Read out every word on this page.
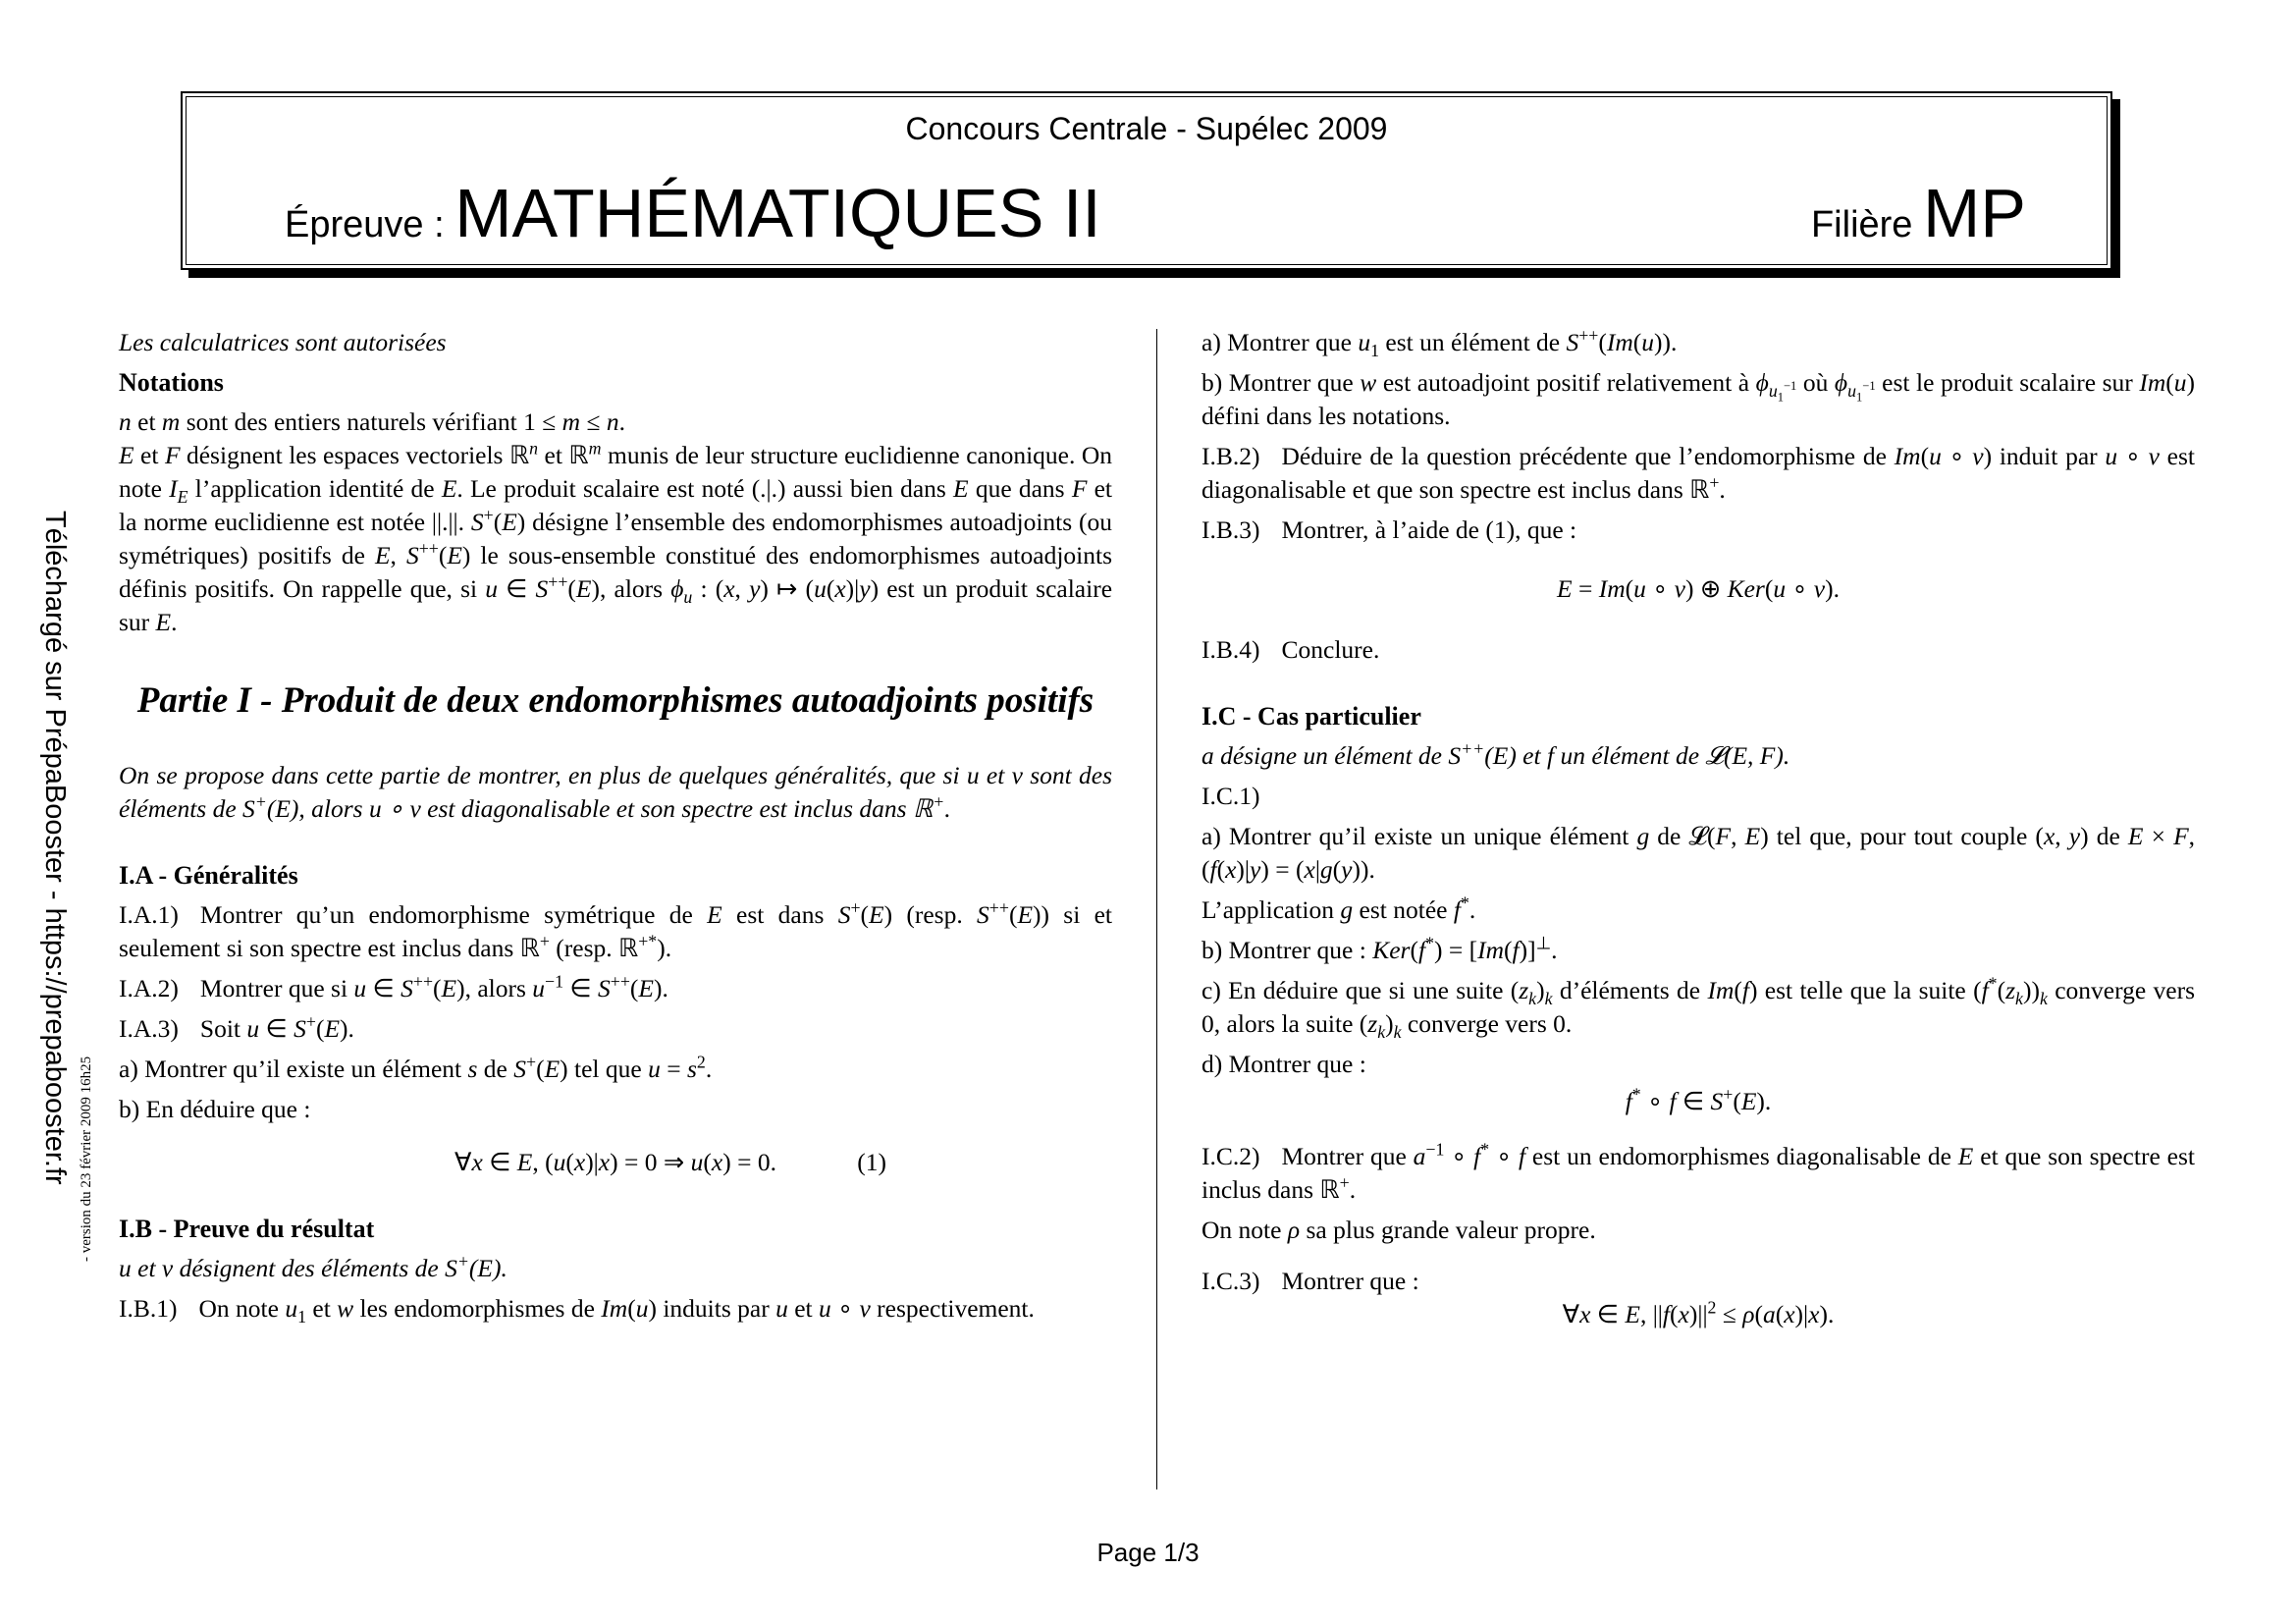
Concours Centrale - Supélec 2009
Épreuve : MATHÉMATIQUES II	Filière MP
Téléchargé sur PrépaBooster - https://prepabooster.fr - version du 23 février 2009 16h25

Les calculatrices sont autorisées

Notations

n et m sont des entiers naturels vérifiant 1 ≤ m ≤ n.

E et F désignent les espaces vectoriels ℝ$^n$ et ℝ$^m$ munis de leur structure euclidienne canonique. On note $I_E$ l’application identité de E. Le produit scalaire est noté (.|.) aussi bien dans E que dans F et la norme euclidienne est notée ||.||. S+(E) désigne l’ensemble des endomorphismes autoadjoints (ou symétriques) positifs de E, S++(E) le sous-ensemble constitué des endomorphismes autoadjoints définis positifs. On rappelle que, si u ∈ S++(E), alors $\phi_u$ : (x, y) ↦ (u(x)|y) est un produit scalaire sur E.

Partie I - Produit de deux endomorphismes autoadjoints positifs

On se propose dans cette partie de montrer, en plus de quelques généralités, que si u et v sont des éléments de S+(E), alors u ∘ v est diagonalisable et son spectre est inclus dans ℝ+.

I.A - Généralités

I.A.1) Montrer qu’un endomorphisme symétrique de E est dans S+(E) (resp. S++(E)) si et seulement si son spectre est inclus dans ℝ+ (resp. ℝ+*).

I.A.2) Montrer que si u ∈ S++(E), alors $u^{-1}$ ∈ S++(E).

I.A.3) Soit u ∈ S+(E).

a) Montrer qu’il existe un élément s de S+(E) tel que $u = s^2$.

b) En déduire que :

∀x ∈ E, (u(x)|x) = 0 ⇒ u(x) = 0.	(1)
I.B - Preuve du résultat

u et v désignent des éléments de S+(E).

I.B.1) On note $u_1$ et w les endomorphismes de Im(u) induits par u et u ∘ v respectivement.

a) Montrer que $u_1$ est un élément de S++(Im(u)).

b) Montrer que w est autoadjoint positif relativement à $\phi_{u_1^{-1}}$ où $\phi_{u_1^{-1}}$ est le produit scalaire sur Im(u) défini dans les notations.

I.B.2) Déduire de la question précédente que l’endomorphisme de Im(u ∘ v) induit par u ∘ v est diagonalisable et que son spectre est inclus dans ℝ+.

I.B.3) Montrer, à l’aide de (1), que :

E = Im(u ∘ v) ⊕ Ker(u ∘ v).

I.B.4) Conclure.

I.C - Cas particulier

a désigne un élément de S++(E) et f un élément de 𝓛(E, F).

I.C.1)

a) Montrer qu’il existe un unique élément g de 𝓛(F, E) tel que, pour tout couple (x, y) de E × F, (f(x)|y) = (x|g(y)).

L’application g est notée f*.

b) Montrer que : Ker(f*) = [Im(f)]⊥.

c) En déduire que si une suite $(z_k)_k$ d’éléments de Im(f) est telle que la suite $(f^*(z_k))_k$ converge vers 0, alors la suite $(z_k)_k$ converge vers 0.

d) Montrer que :

f* ∘ f ∈ S+(E).

I.C.2) Montrer que $a^{-1}$ ∘ f* ∘ f est un endomorphismes diagonalisable de E et que son spectre est inclus dans ℝ+.

On note ρ sa plus grande valeur propre.

I.C.3) Montrer que :

∀x ∈ E, $||f(x)||^2 \le \rho(a(x)|x)$.
Page 1/3
